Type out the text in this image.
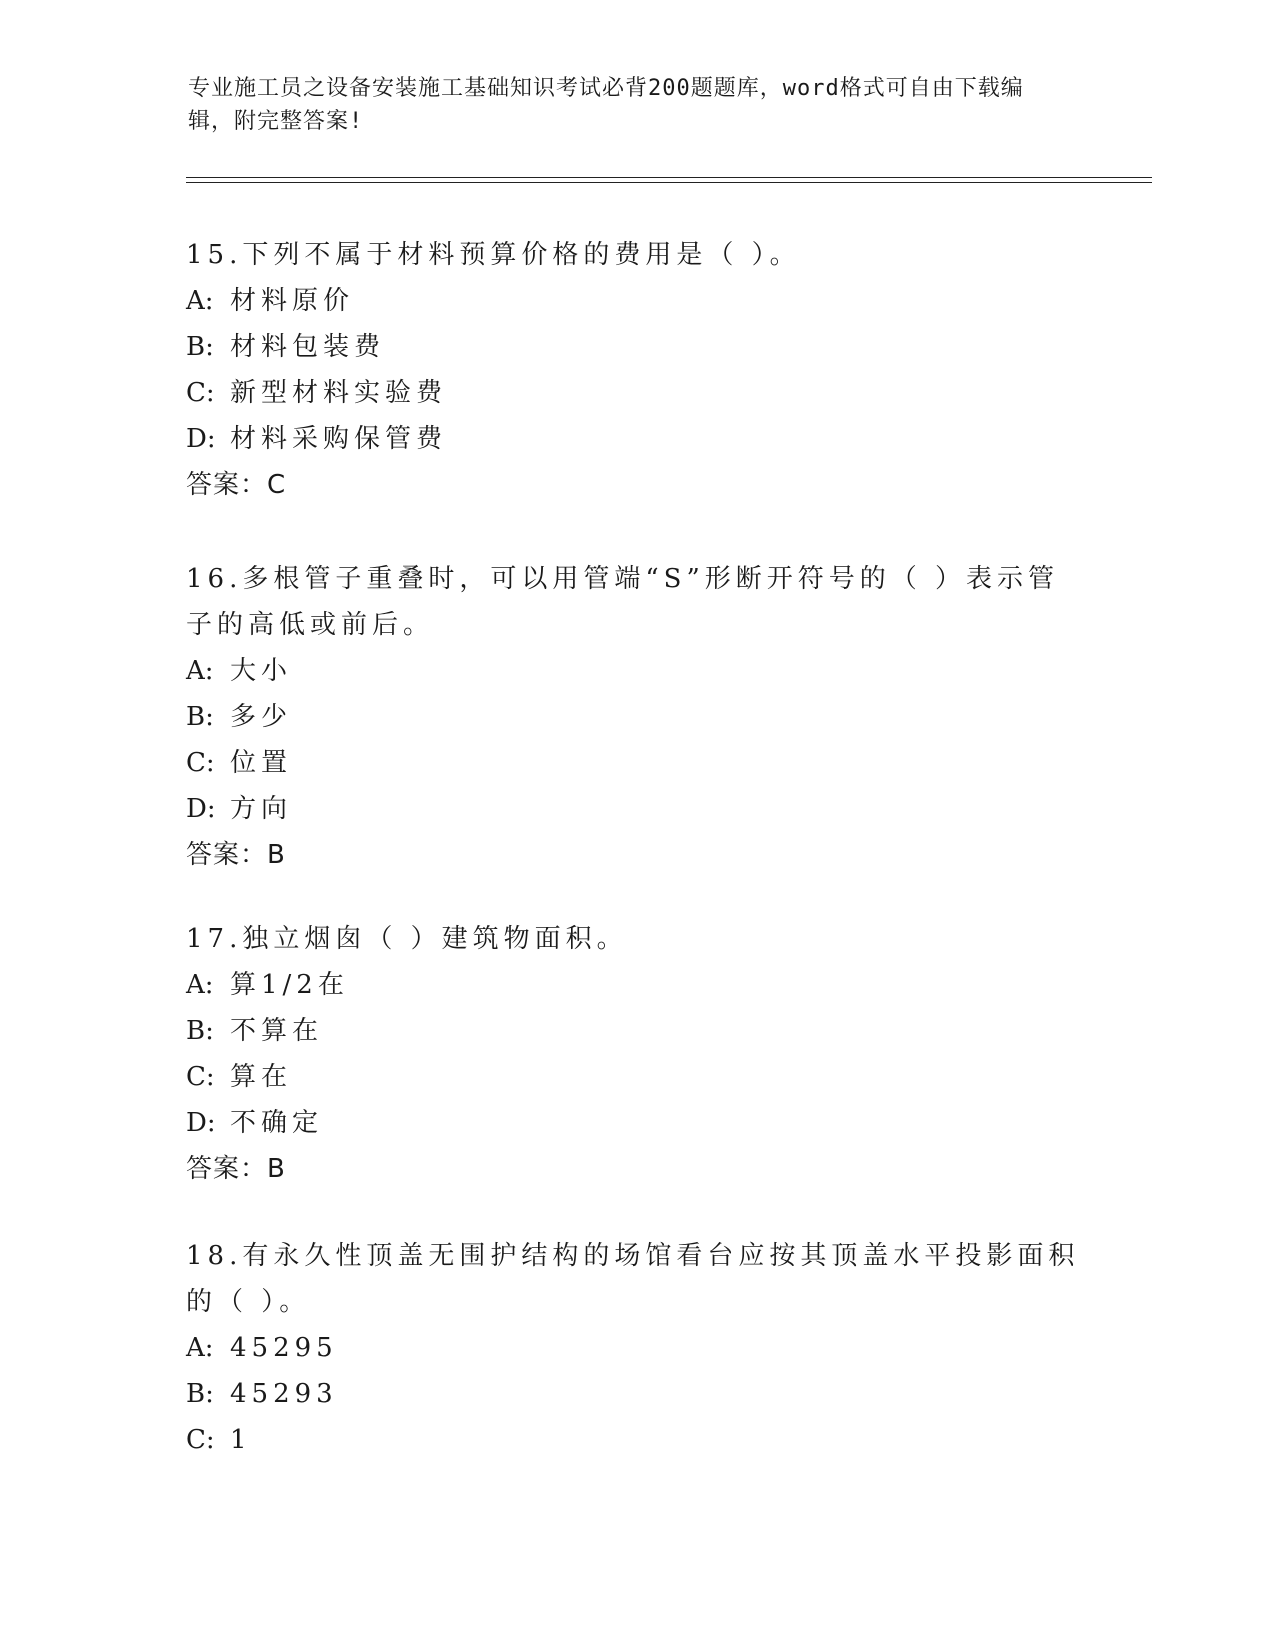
专业施工员之设备安装施工基础知识考试必背200题题库，word格式可自由下载编辑，附完整答案!
15.下列不属于材料预算价格的费用是（ ）。
A: 材料原价
B: 材料包装费
C: 新型材料实验费
D: 材料采购保管费
答案：C
16.多根管子重叠时，可以用管端“S”形断开符号的（ ）表示管子的高低或前后。
A: 大小
B: 多少
C: 位置
D: 方向
答案：B
17.独立烟囱（ ）建筑物面积。
A: 算1/2在
B: 不算在
C: 算在
D: 不确定
答案：B
18.有永久性顶盖无围护结构的场馆看台应按其顶盖水平投影面积的（ ）。
A: 45295
B: 45293
C: 1
